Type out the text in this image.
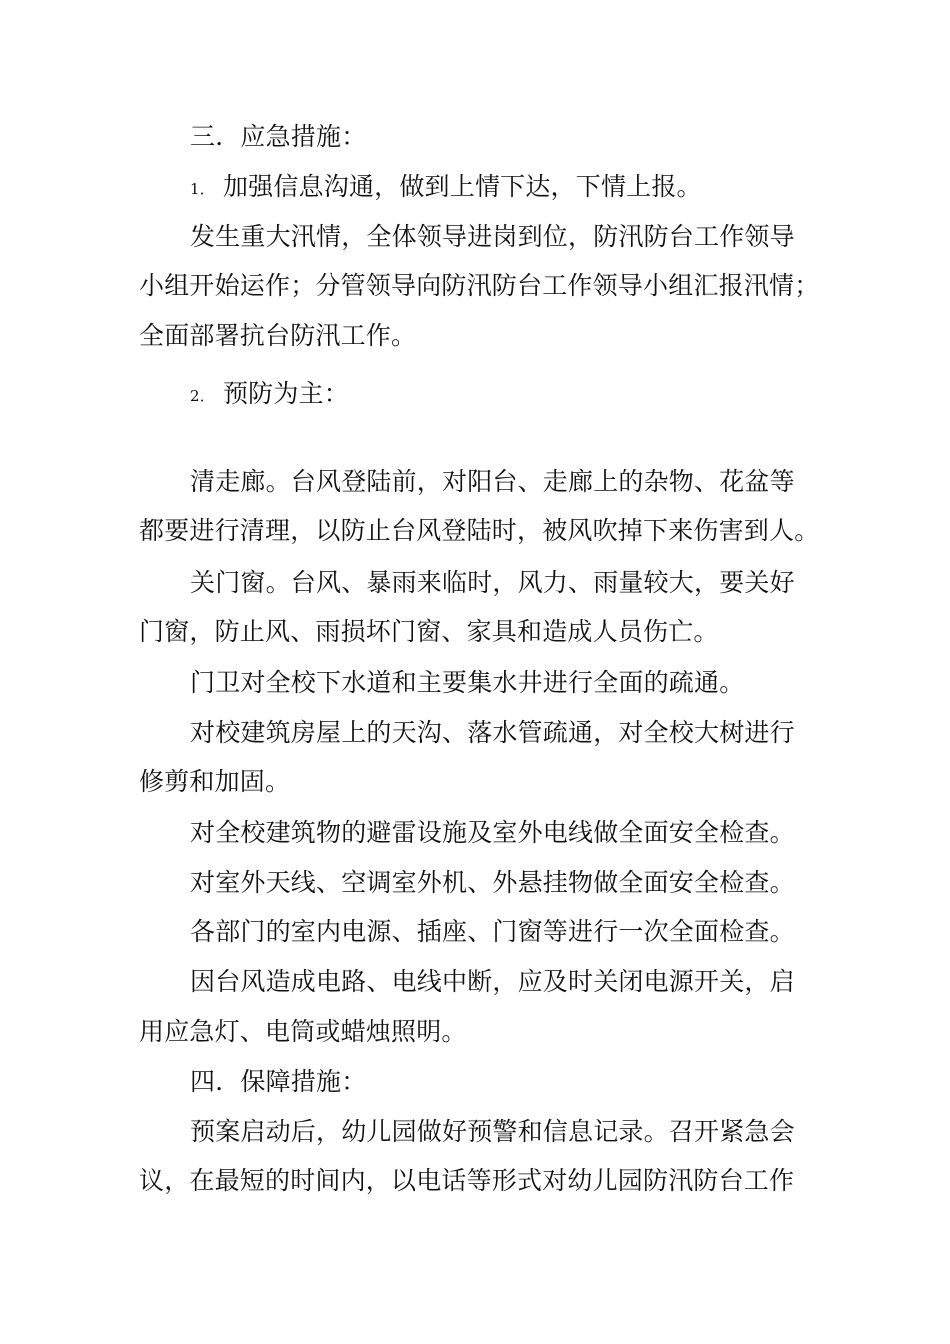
三．应急措施：
1． 加强信息沟通，做到上情下达，下情上报。
发生重大汛情，全体领导进岗到位，防汛防台工作领导
小组开始运作；分管领导向防汛防台工作领导小组汇报汛情；
全面部署抗台防汛工作。
2． 预防为主：
清走廊。台风登陆前，对阳台、走廊上的杂物、花盆等
都要进行清理，以防止台风登陆时，被风吹掉下来伤害到人。
关门窗。台风、暴雨来临时，风力、雨量较大，要关好
门窗，防止风、雨损坏门窗、家具和造成人员伤亡。
门卫对全校下水道和主要集水井进行全面的疏通。
对校建筑房屋上的天沟、落水管疏通，对全校大树进行
修剪和加固。
对全校建筑物的避雷设施及室外电线做全面安全检查。
对室外天线、空调室外机、外悬挂物做全面安全检查。
各部门的室内电源、插座、门窗等进行一次全面检查。
因台风造成电路、电线中断，应及时关闭电源开关，启
用应急灯、电筒或蜡烛照明。
四．保障措施：
预案启动后，幼儿园做好预警和信息记录。召开紧急会
议，在最短的时间内，以电话等形式对幼儿园防汛防台工作
